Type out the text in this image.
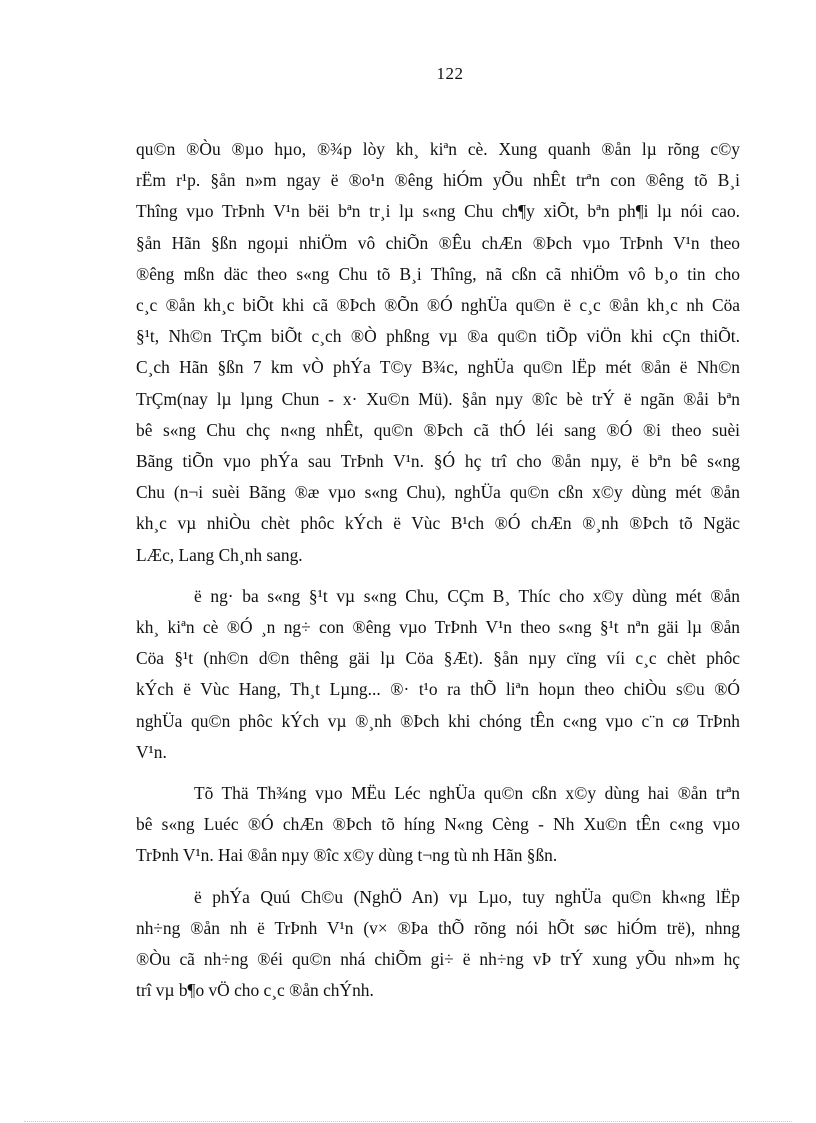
122
qu©n ®Òu ®µo hµo, ®¾p lòy kh¸ kiªn cè. Xung quanh ®ån lµ rõng c©y
rËm r¹p. §ån n»m ngay ë ®o¹n ®êng hiÓm yÕu nhÊt trªn con ®êng tõ B¸i
Thîng vµo TrÞnh V¹n bëi bªn tr¸i lµ s«ng Chu ch¶y xiÕt, bªn ph¶i lµ nói cao.
§ån Hãn §ßn ngoµi nhiÖm vô chiÕn ®Êu chÆn ®Þch vµo TrÞnh V¹n theo
®êng mßn däc theo s«ng Chu tõ B¸i Thîng, nã cßn cã nhiÖm vô b¸o tin cho
c¸c ®ån kh¸c biÕt khi cã ®Þch ®Õn ®Ó nghÜa qu©n ë c¸c ®ån kh¸c nh Cöa
§¹t, Nh©n TrÇm biÕt c¸ch ®Ò phßng vµ ®a qu©n tiÕp viÖn khi cÇn thiÕt.
C¸ch Hãn §ßn 7 km vÒ phÝa T©y B¾c, nghÜa qu©n lËp mét ®ån ë Nh©n
TrÇm(nay lµ lµng Chun - x· Xu©n Mü). §ån nµy ®îc bè trÝ ë ngãn ®åi bªn
bê s«ng Chu chç n«ng nhÊt, qu©n ®Þch cã thÓ léi sang ®Ó ®i theo suèi
Bãng tiÕn vµo phÝa sau TrÞnh V¹n. §Ó hç trî cho ®ån nµy, ë bªn bê s«ng
Chu (n¬i suèi Bãng ®æ vµo s«ng Chu), nghÜa qu©n cßn x©y dùng mét ®ån
kh¸c vµ nhiÒu chèt phôc kÝch ë Vùc B¹ch ®Ó chÆn ®¸nh ®Þch tõ Ngäc
LÆc, Lang Ch¸nh sang.
ë ng· ba s«ng §¹t vµ s«ng Chu, CÇm B¸ Thíc cho x©y dùng mét ®ån
kh¸ kiªn cè ®Ó ¸n ng÷ con ®êng vµo TrÞnh V¹n theo s«ng §¹t nªn gäi lµ ®ån
Cöa §¹t (nh©n d©n thêng gäi lµ Cöa §Æt). §ån nµy cïng víi c¸c chèt phôc
kÝch ë Vùc Hang, Th¸t Lµng... ®· t¹o ra thÕ liªn hoµn theo chiÒu s©u ®Ó
nghÜa qu©n phôc kÝch vµ ®¸nh ®Þch khi chóng tÊn c«ng vµo c¨n cø TrÞnh
V¹n.
Tõ Thä Th¾ng vµo MËu Léc nghÜa qu©n cßn x©y dùng hai ®ån trªn
bê s«ng Luéc ®Ó chÆn ®Þch tõ híng N«ng Cèng - Nh Xu©n tÊn c«ng vµo
TrÞnh V¹n. Hai ®ån nµy ®îc x©y dùng t¬ng tù nh Hãn §ßn.
ë phÝa Quú Ch©u (NghÖ An) vµ Lµo, tuy nghÜa qu©n kh«ng lËp
nh÷ng ®ån nh ë TrÞnh V¹n (v× ®Þa thÕ rõng nói hÕt søc hiÓm trë), nhng
®Òu cã nh÷ng ®éi qu©n nhá chiÕm gi÷ ë nh÷ng vÞ trÝ xung yÕu nh»m hç
trî vµ b¶o vÖ cho c¸c ®ån chÝnh.
